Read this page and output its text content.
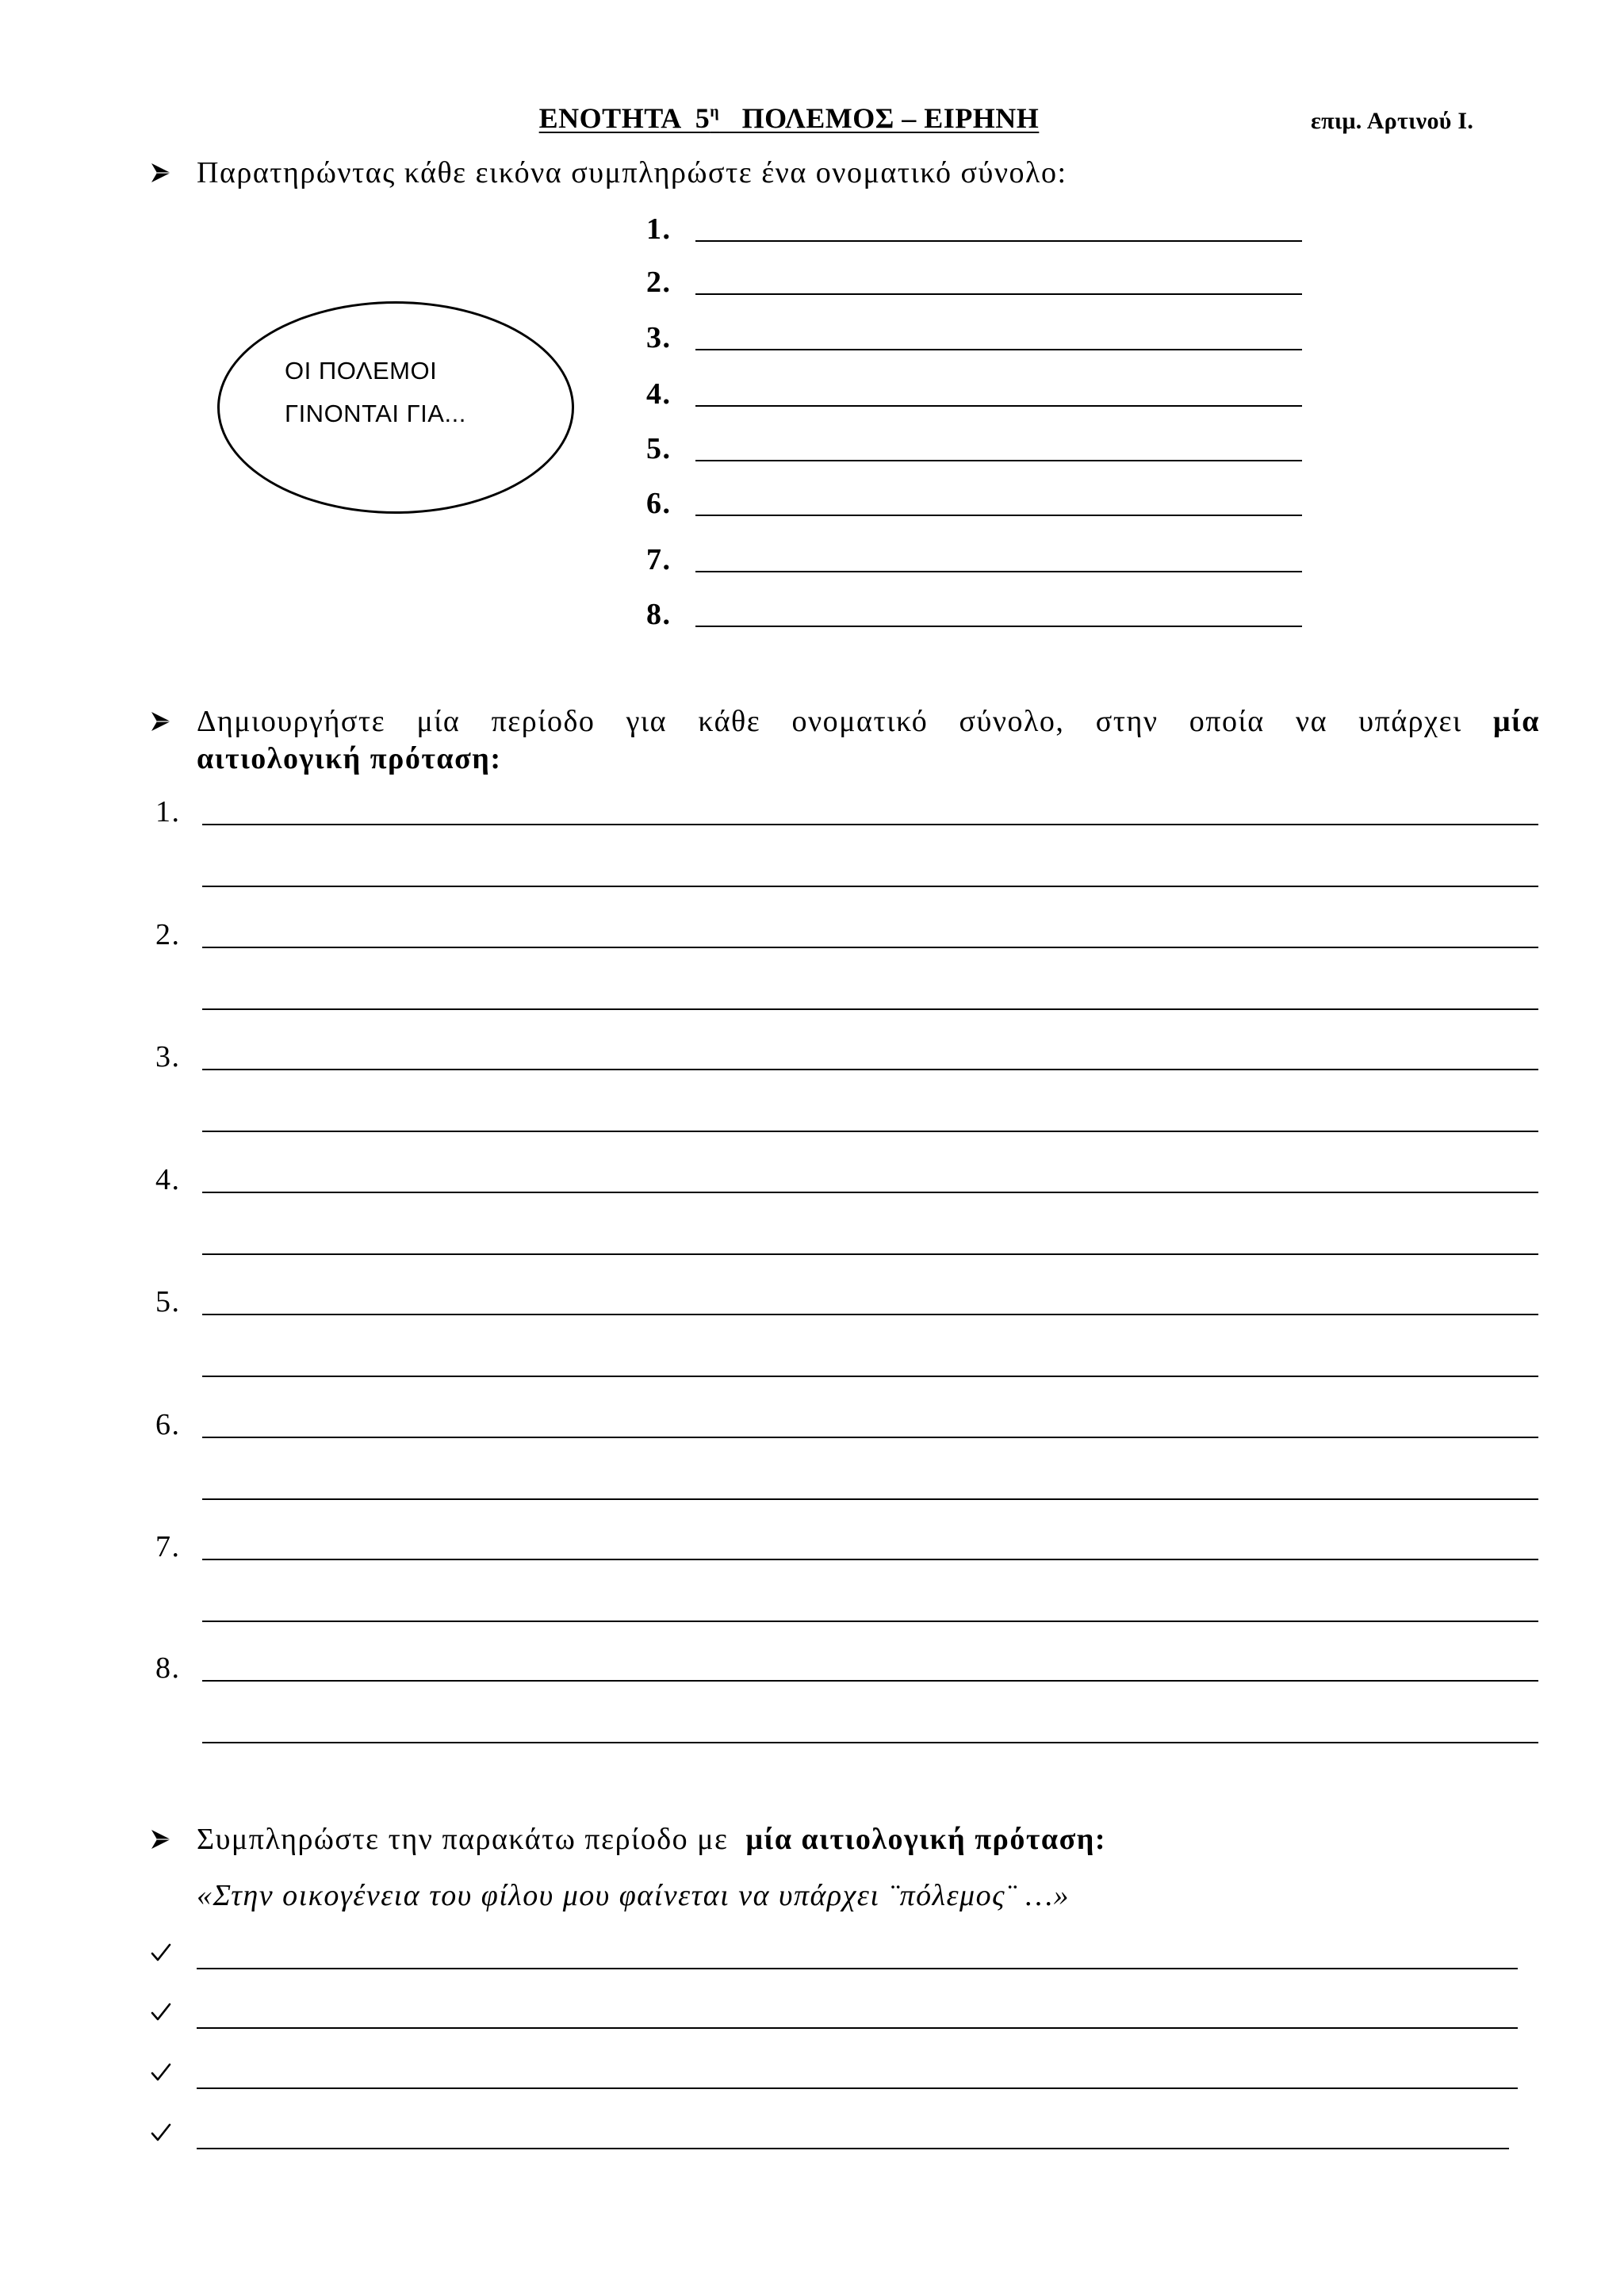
ΕΝΟΤΗΤΑ  $5^\eta$   ΠΟΛΕΜΟΣ – ΕΙΡΗΝΗ	επιμ. Αρτινού Ι.
Παρατηρώντας κάθε εικόνα συμπληρώστε ένα ονοματικό σύνολο:
ΟΙ ΠΟΛΕΜΟΙ
ΓΙΝΟΝΤΑΙ ΓΙΑ...
1.
2.
3.
4.
5.
6.
7.
8.
Δημιουργήστε μία περίοδο για κάθε ονοματικό σύνολο, στην οποία να υπάρχει μία
αιτιολογική πρόταση:
1.
2.
3.
4.
5.
6.
7.
8.
Συμπληρώστε την παρακάτω περίοδο με μία αιτιολογική πρόταση:
«Στην οικογένεια του φίλου μου φαίνεται να υπάρχει ¨πόλεμος¨ …»
